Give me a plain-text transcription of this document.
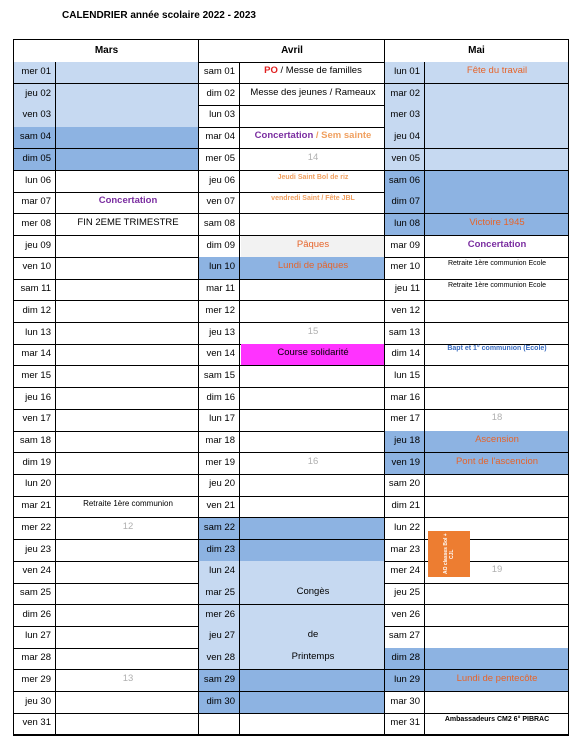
CALENDRIER année scolaire 2022 - 2023
Mars
mer 01
jeu 02
ven 03
sam 04
dim 05
lun 06
mar 07	Concertation
mer 08	FIN 2EME TRIMESTRE
jeu 09
ven 10
sam 11
dim 12
lun 13
mar 14
mer 15
jeu 16
ven 17
sam 18
dim 19
lun 20
mar 21	Retraite 1ère communion
mer 22	12
jeu 23
ven 24
sam 25
dim 26
lun 27
mar 28
mer 29	13
jeu 30
ven 31
Avril
sam 01	PO / Messe de familles
dim 02	Messe des jeunes / Rameaux
lun 03
mar 04	Concertation / Sem sainte
mer 05	14
jeu 06	Jeudi Saint Bol de riz
ven 07	vendredi Saint / Fête JBL
sam 08
dim 09	Pâques
lun 10	Lundi de pâques
mar 11
mer 12
jeu 13	15
ven 14	Course solidarité
sam 15
dim 16
lun 17
mar 18
mer 19	16
jeu 20
ven 21
sam 22
dim 23
lun 24
mar 25	Congès
mer 26
jeu 27	de
ven 28	Printemps
sam 29
dim 30
Mai
lun 01	Fête du travail
mar 02
mer 03
jeu 04
ven 05
sam 06
dim 07
lun 08	Victoire 1945
mar 09	Concertation
mer 10	Retraite 1ère communion Ecole
jeu 11	Retraite 1ère communion Ecole
ven 12
sam 13
dim 14	Bapt et 1° communion (Ecole)
lun 15
mar 16
mer 17	18
jeu 18	Ascension
ven 19	Pont de l'ascencion
sam 20
dim 21
lun 22
mar 23
mer 24	19
jeu 25
ven 26
sam 27
dim 28
lun 29	Lundi de pentecôte
mar 30
mer 31	Ambassadeurs CM2 6° PIBRAC
AO classes Bol + CJL
